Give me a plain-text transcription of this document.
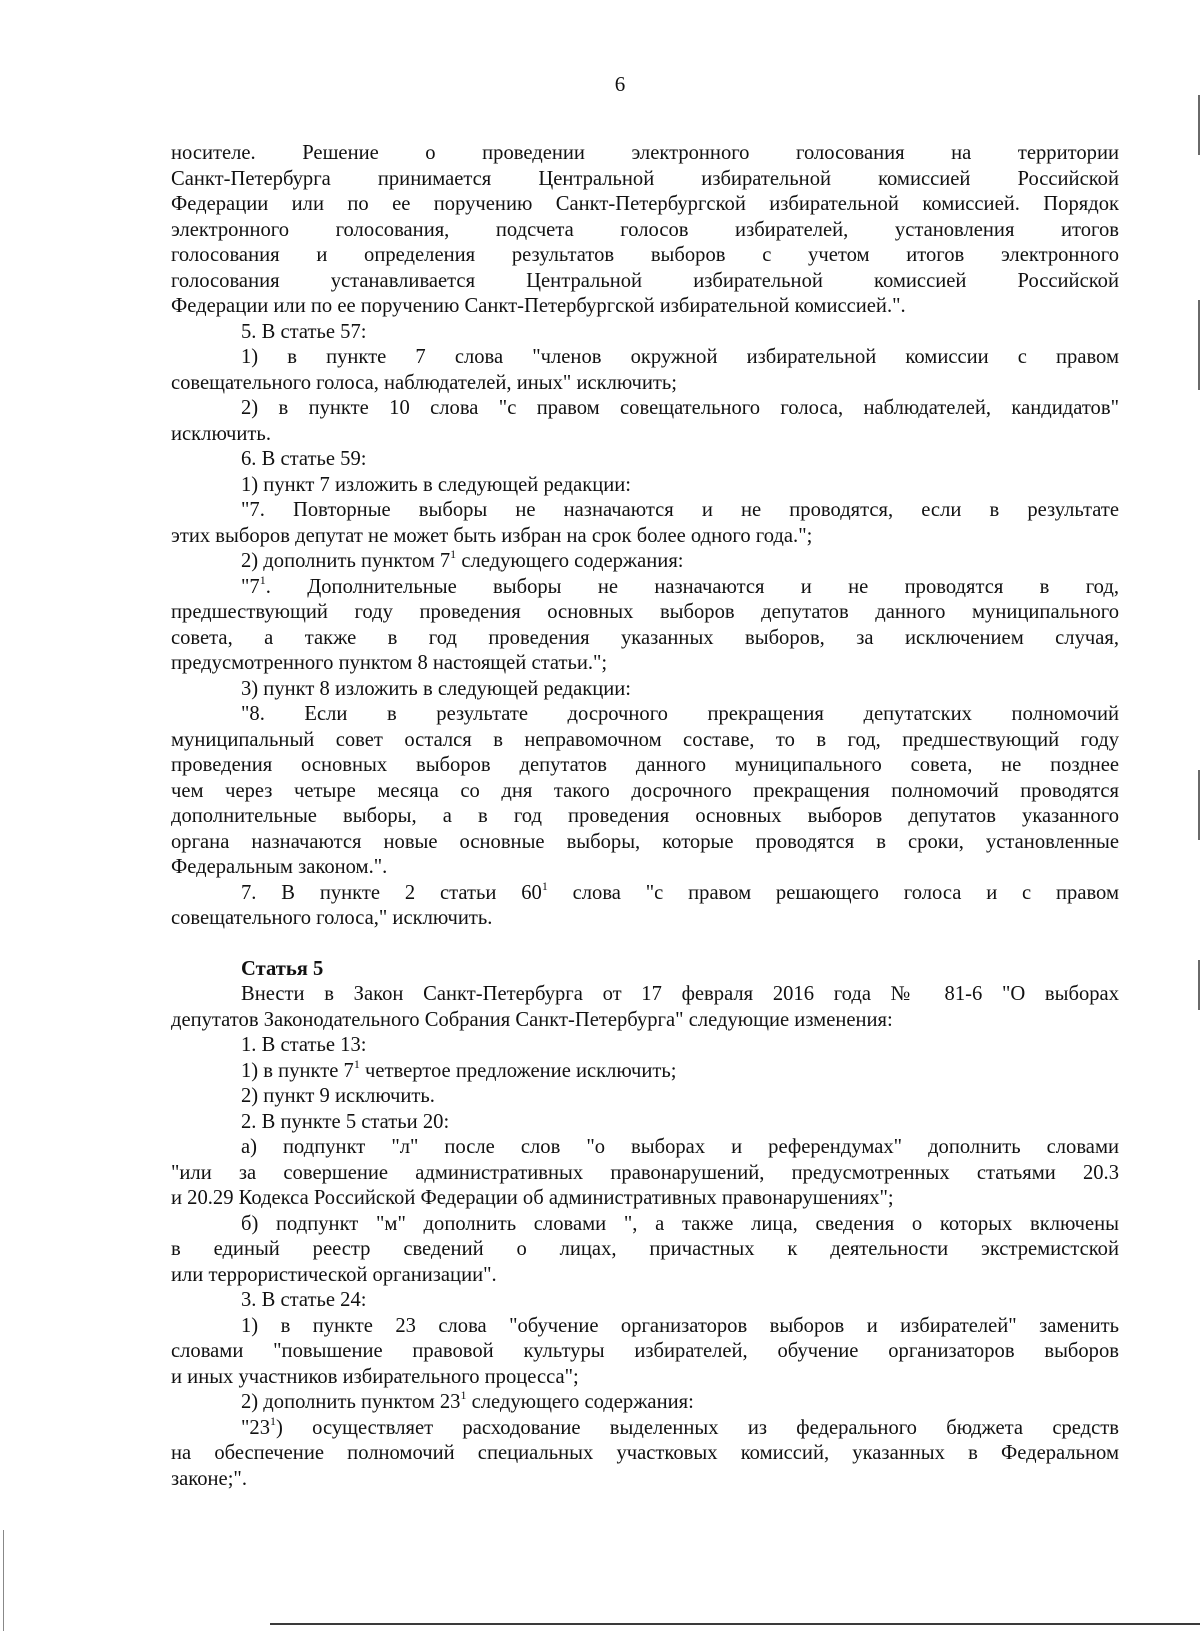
6
носителе. Решение о проведении электронного голосования на территории
Санкт-Петербурга принимается Центральной избирательной комиссией Российской
Федерации или по ее поручению Санкт-Петербургской избирательной комиссией. Порядок
электронного голосования, подсчета голосов избирателей, установления итогов
голосования и определения результатов выборов с учетом итогов электронного
голосования устанавливается Центральной избирательной комиссией Российской
Федерации или по ее поручению Санкт-Петербургской избирательной комиссией.".
5. В статье 57:
1) в пункте 7 слова "членов окружной избирательной комиссии с правом
совещательного голоса, наблюдателей, иных" исключить;
2) в пункте 10 слова "с правом совещательного голоса, наблюдателей, кандидатов"
исключить.
6. В статье 59:
1) пункт 7 изложить в следующей редакции:
"7. Повторные выборы не назначаются и не проводятся, если в результате
этих выборов депутат не может быть избран на срок более одного года.";
2) дополнить пунктом $7^1$ следующего содержания:
"$7^1$. Дополнительные выборы не назначаются и не проводятся в год,
предшествующий году проведения основных выборов депутатов данного муниципального
совета, а также в год проведения указанных выборов, за исключением случая,
предусмотренного пунктом 8 настоящей статьи.";
3) пункт 8 изложить в следующей редакции:
"8. Если в результате досрочного прекращения депутатских полномочий
муниципальный совет остался в неправомочном составе, то в год, предшествующий году
проведения основных выборов депутатов данного муниципального совета, не позднее
чем через четыре месяца со дня такого досрочного прекращения полномочий проводятся
дополнительные выборы, а в год проведения основных выборов депутатов указанного
органа назначаются новые основные выборы, которые проводятся в сроки, установленные
Федеральным законом.".
7. В пункте 2 статьи $60^1$ слова "с правом решающего голоса и с правом
совещательного голоса," исключить.
Статья 5
Внести в Закон Санкт-Петербурга от 17 февраля 2016 года № 81-6 "О выборах
депутатов Законодательного Собрания Санкт-Петербурга" следующие изменения:
1. В статье 13:
1) в пункте $7^1$ четвертое предложение исключить;
2) пункт 9 исключить.
2. В пункте 5 статьи 20:
а) подпункт "л" после слов "о выборах и референдумах" дополнить словами
"или за совершение административных правонарушений, предусмотренных статьями 20.3
и 20.29 Кодекса Российской Федерации об административных правонарушениях";
б) подпункт "м" дополнить словами ", а также лица, сведения о которых включены
в единый реестр сведений о лицах, причастных к деятельности экстремистской
или террористической организации".
3. В статье 24:
1) в пункте 23 слова "обучение организаторов выборов и избирателей" заменить
словами "повышение правовой культуры избирателей, обучение организаторов выборов
и иных участников избирательного процесса";
2) дополнить пунктом $23^1$ следующего содержания:
"$23^1$) осуществляет расходование выделенных из федерального бюджета средств
на обеспечение полномочий специальных участковых комиссий, указанных в Федеральном
законе;".
